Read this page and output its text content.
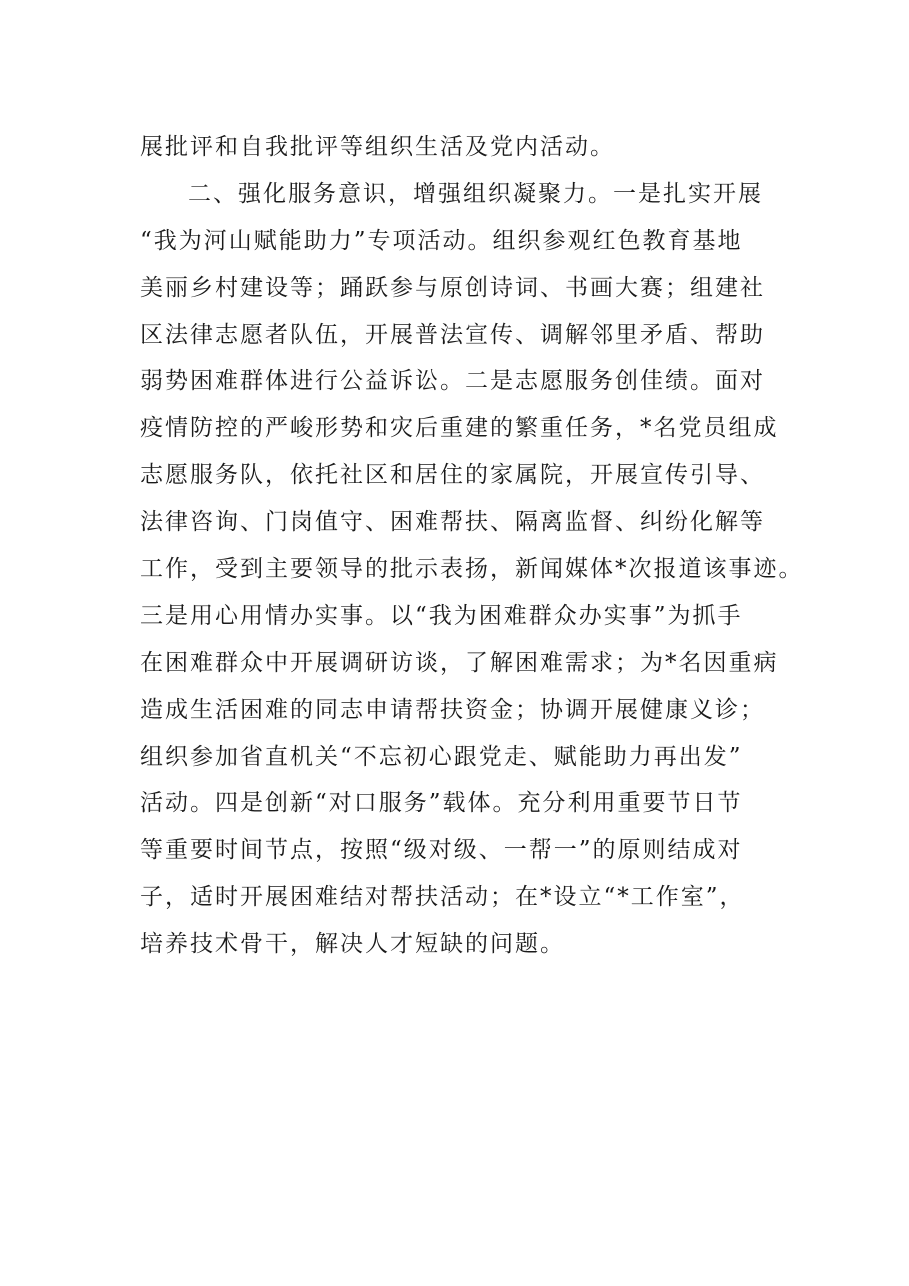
展批评和自我批评等组织生活及党内活动。
二、强化服务意识，增强组织凝聚力。一是扎实开展
“我为河山赋能助力”专项活动。组织参观红色教育基地
美丽乡村建设等；踊跃参与原创诗词、书画大赛；组建社
区法律志愿者队伍，开展普法宣传、调解邻里矛盾、帮助
弱势困难群体进行公益诉讼。二是志愿服务创佳绩。面对
疫情防控的严峻形势和灾后重建的繁重任务，*名党员组成
志愿服务队，依托社区和居住的家属院，开展宣传引导、
法律咨询、门岗值守、困难帮扶、隔离监督、纠纷化解等
工作，受到主要领导的批示表扬，新闻媒体*次报道该事迹。
三是用心用情办实事。以“我为困难群众办实事”为抓手
在困难群众中开展调研访谈，了解困难需求；为*名因重病
造成生活困难的同志申请帮扶资金；协调开展健康义诊；
组织参加省直机关“不忘初心跟党走、赋能助力再出发”
活动。四是创新“对口服务”载体。充分利用重要节日节
等重要时间节点，按照“级对级、一帮一”的原则结成对
子，适时开展困难结对帮扶活动；在*设立“*工作室”，
培养技术骨干，解决人才短缺的问题。
